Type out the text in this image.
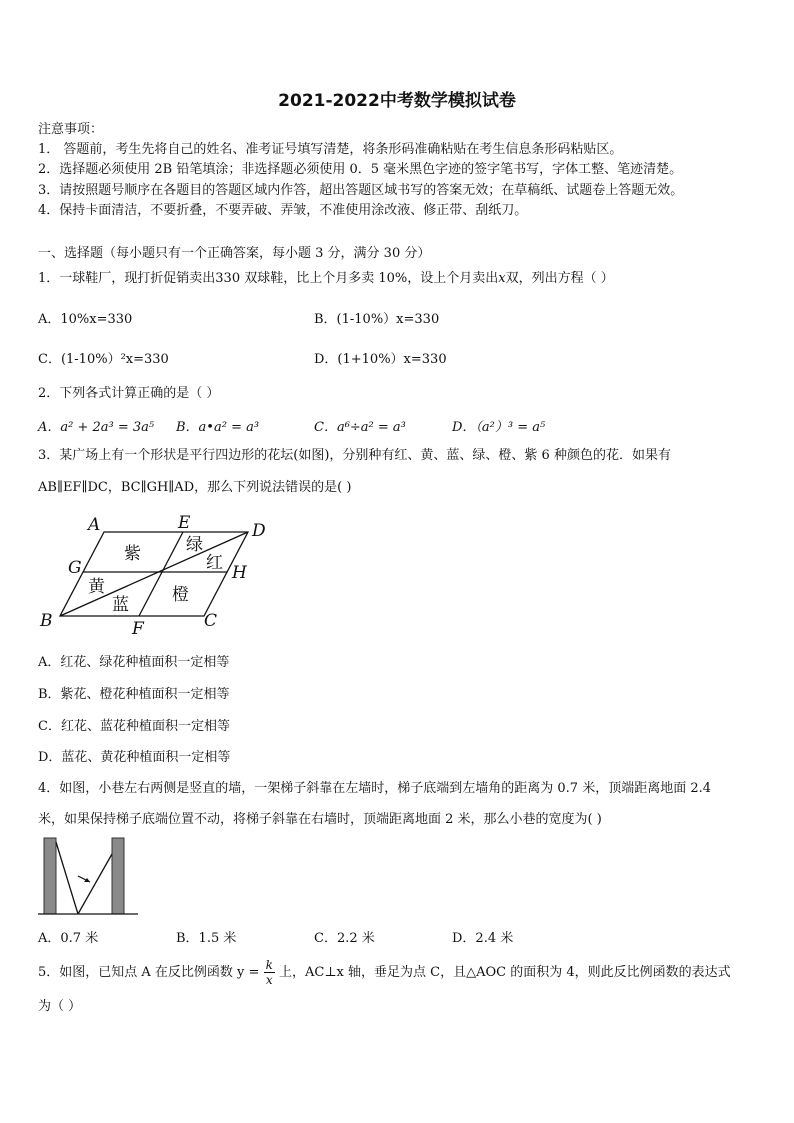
2021-2022中考数学模拟试卷
注意事项：
1． 答题前，考生先将自己的姓名、准考证号填写清楚，将条形码准确粘贴在考生信息条形码粘贴区。
2．选择题必须使用 2B 铅笔填涂；非选择题必须使用 0．5 毫米黑色字迹的签字笔书写，字体工整、笔迹清楚。
3．请按照题号顺序在各题目的答题区域内作答，超出答题区域书写的答案无效；在草稿纸、试题卷上答题无效。
4．保持卡面清洁，不要折叠，不要弄破、弄皱，不准使用涂改液、修正带、刮纸刀。
一、选择题（每小题只有一个正确答案，每小题 3 分，满分 30 分）
1．一球鞋厂，现打折促销卖出330 双球鞋，比上个月多卖 10%，设上个月卖出x双，列出方程（ ）
A．10%x=330	B．(1-10%）x=330
C．(1-10%）²x=330	D．(1+10%）x=330
2．下列各式计算正确的是（ ）
A．a² + 2a³ = 3a⁵ B．a•a² = a³	C．a⁶÷a² = a³	D．（a²）³ = a⁵
3．某广场上有一个形状是平行四边形的花坛(如图)，分别种有红、黄、蓝、绿、橙、紫 6 种颜色的花．如果有
AB∥EF∥DC，BC∥GH∥AD，那么下列说法错误的是( )
A	E	D
G	H
B	F	C
紫	绿
红
黄
蓝	橙
A．红花、绿花种植面积一定相等
B．紫花、橙花种植面积一定相等
C．红花、蓝花种植面积一定相等
D．蓝花、黄花种植面积一定相等
4．如图，小巷左右两侧是竖直的墙，一架梯子斜靠在左墙时，梯子底端到左墙角的距离为 0.7 米，顶端距离地面 2.4
米，如果保持梯子底端位置不动，将梯子斜靠在右墙时，顶端距离地面 2 米，那么小巷的宽度为( )
A．0.7 米	B．1.5 米	C．2.2 米	D．2.4 米
5．如图，已知点 A 在反比例函数 $y = \frac{k}{x}$ 上，AC⊥x 轴，垂足为点 C，且△AOC 的面积为 4，则此反比例函数的表达式
为（ ）
